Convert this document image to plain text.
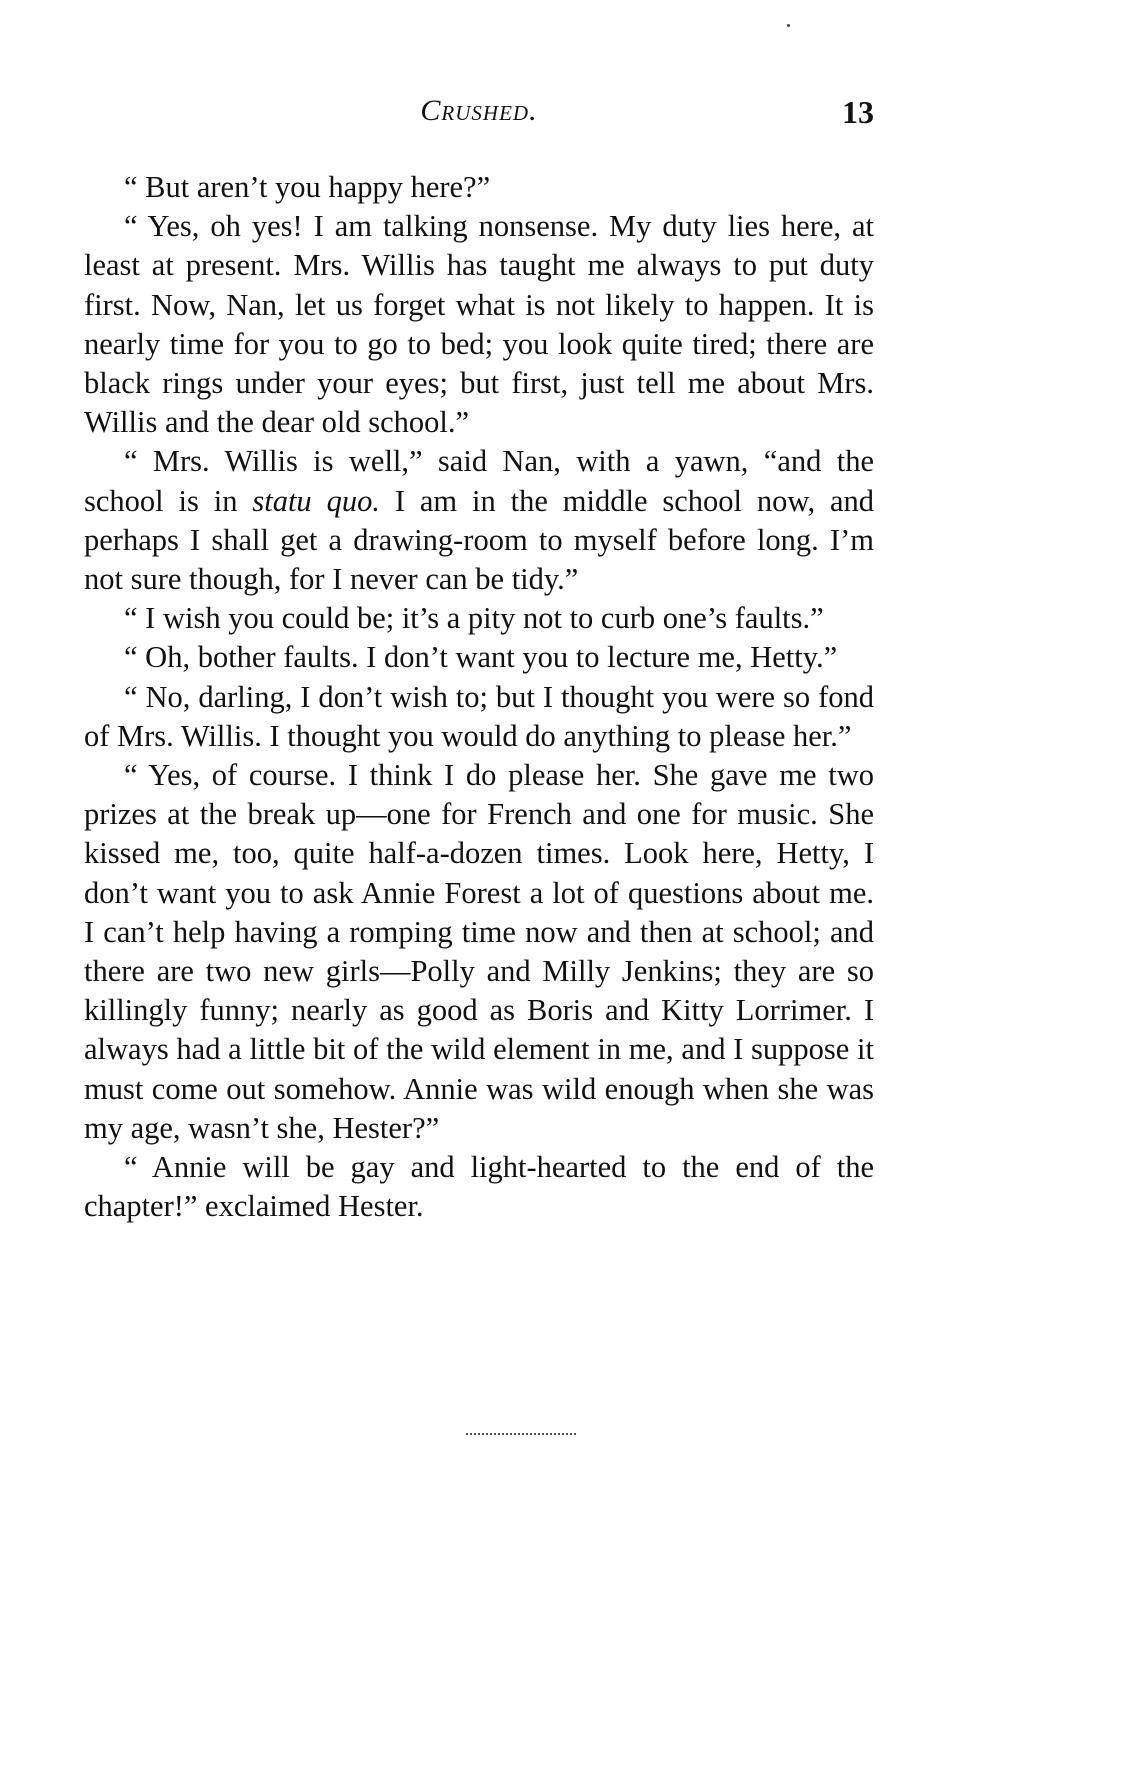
Crushed.	13

“ But aren’t you happy here?”

“ Yes, oh yes! I am talking nonsense. My duty lies here, at least at present. Mrs. Willis has taught me always to put duty first. Now, Nan, let us forget what is not likely to happen. It is nearly time for you to go to bed; you look quite tired; there are black rings under your eyes; but first, just tell me about Mrs. Willis and the dear old school.”

“ Mrs. Willis is well,” said Nan, with a yawn, “and the school is in statu quo. I am in the middle school now, and perhaps I shall get a drawing-room to myself before long. I’m not sure though, for I never can be tidy.”

“ I wish you could be; it’s a pity not to curb one’s faults.”

“ Oh, bother faults. I don’t want you to lecture me, Hetty.”

“ No, darling, I don’t wish to; but I thought you were so fond of Mrs. Willis. I thought you would do anything to please her.”

“ Yes, of course. I think I do please her. She gave me two prizes at the break up—one for French and one for music. She kissed me, too, quite half-a-dozen times. Look here, Hetty, I don’t want you to ask Annie Forest a lot of questions about me. I can’t help having a romping time now and then at school; and there are two new girls—Polly and Milly Jenkins; they are so killingly funny; nearly as good as Boris and Kitty Lorrimer. I always had a little bit of the wild element in me, and I suppose it must come out somehow. Annie was wild enough when she was my age, wasn’t she, Hester?”

“ Annie will be gay and light-hearted to the end of the chapter!” exclaimed Hester.
